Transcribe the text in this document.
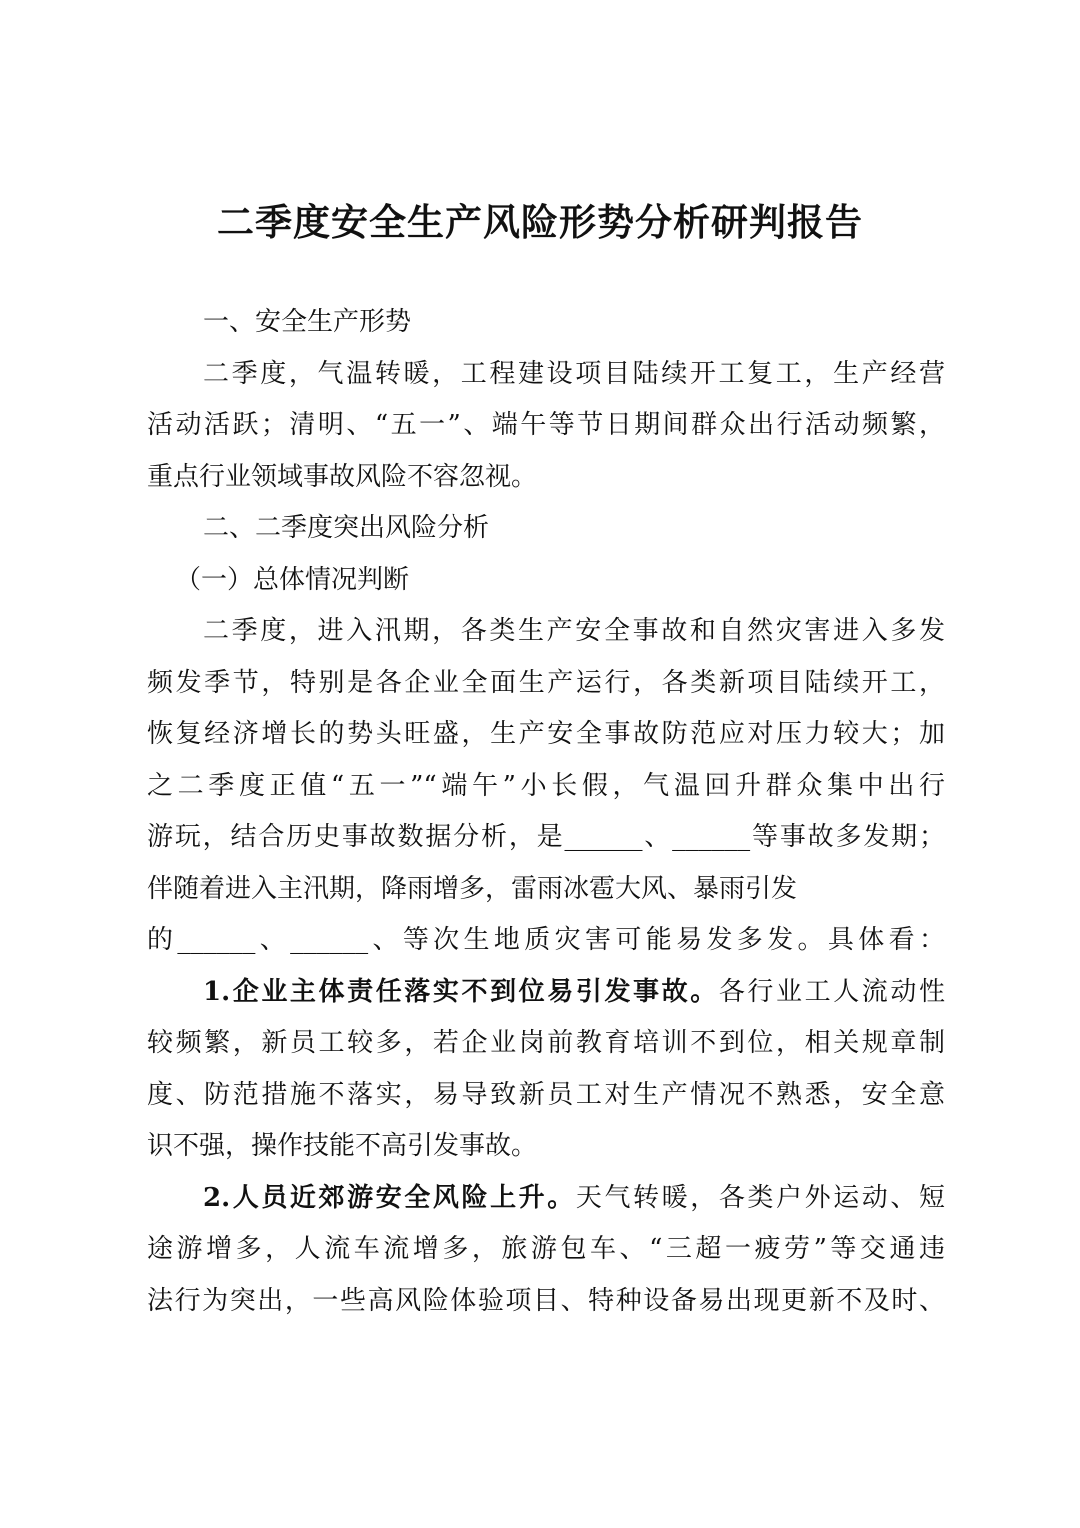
二季度安全生产风险形势分析研判报告
一、安全生产形势
二季度，气温转暖，工程建设项目陆续开工复工，生产经营
活动活跃；清明、“五一”、端午等节日期间群众出行活动频繁，
重点行业领域事故风险不容忽视。
二、二季度突出风险分析
（一）总体情况判断
二季度，进入汛期，各类生产安全事故和自然灾害进入多发
频发季节，特别是各企业全面生产运行，各类新项目陆续开工，
恢复经济增长的势头旺盛，生产安全事故防范应对压力较大；加
之二季度正值“五一”“端午”小长假，气温回升群众集中出行
游玩，结合历史事故数据分析，是______、______等事故多发期；
伴随着进入主汛期，降雨增多，雷雨冰雹大风、暴雨引发
的______、______、等次生地质灾害可能易发多发。具体看：
1.企业主体责任落实不到位易引发事故。各行业工人流动性
较频繁，新员工较多，若企业岗前教育培训不到位，相关规章制
度、防范措施不落实，易导致新员工对生产情况不熟悉，安全意
识不强，操作技能不高引发事故。
2.人员近郊游安全风险上升。天气转暖，各类户外运动、短
途游增多，人流车流增多，旅游包车、“三超一疲劳”等交通违
法行为突出，一些高风险体验项目、特种设备易出现更新不及时、
